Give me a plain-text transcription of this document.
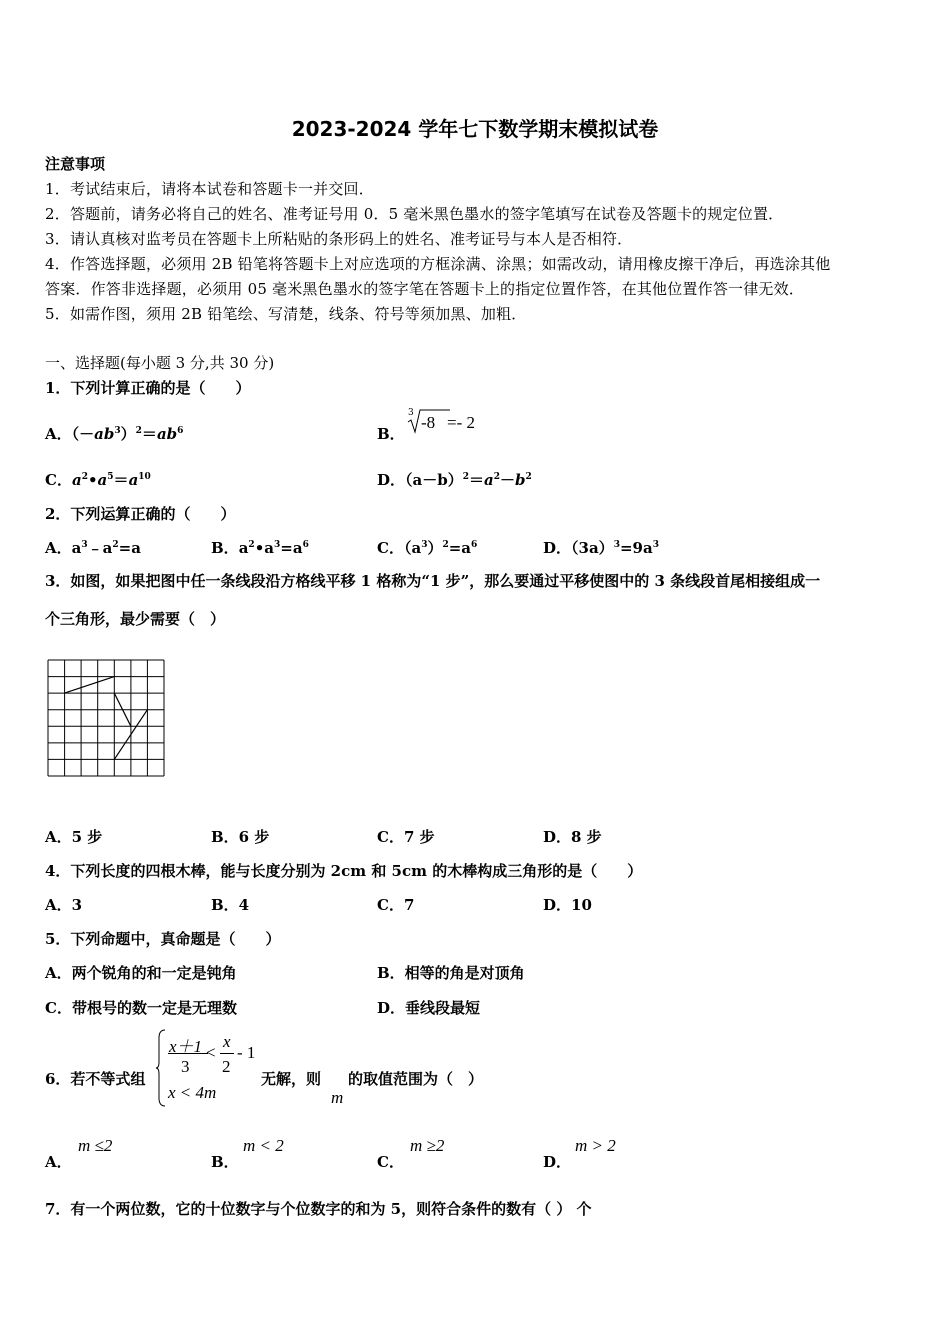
2023-2024 学年七下数学期末模拟试卷
注意事项
1．考试结束后，请将本试卷和答题卡一并交回．
2．答题前，请务必将自己的姓名、准考证号用 0．5 毫米黑色墨水的签字笔填写在试卷及答题卡的规定位置．
3．请认真核对监考员在答题卡上所粘贴的条形码上的姓名、准考证号与本人是否相符．
4．作答选择题，必须用 2B 铅笔将答题卡上对应选项的方框涂满、涂黑；如需改动，请用橡皮擦干净后，再选涂其他
答案．作答非选择题，必须用 05 毫米黑色墨水的签字笔在答题卡上的指定位置作答，在其他位置作答一律无效．
5．如需作图，须用 2B 铅笔绘、写清楚，线条、符号等须加黑、加粗．
一、选择题(每小题 3 分,共 30 分)
1．下列计算正确的是（　　）
A．$(-ab^3)^2=ab^6$	B．
3 -8 =- 2
C．$a^2•a^5=a^{10}$	D．$(a-b)^2=a^2-b^2$
2．下列运算正确的（　　）
A．$a^3﹣a^2=a$	B．$a^2•a^3=a^6$	C．$(a^3)^2=a^6$	D．$(3a)^3=9a^3$
3．如图，如果把图中任一条线段沿方格线平移 1 格称为“1 步”，那么要通过平移使图中的 3 条线段首尾相接组成一
个三角形，最少需要（　）
A．5 步	B．6 步	C．7 步	D．8 步
4．下列长度的四根木棒，能与长度分别为 2cm 和 5cm 的木棒构成三角形的是（　　）
A．3	B．4	C．7	D．10
5．下列命题中，真命题是（　　）
A．两个锐角的和一定是钝角	B．相等的角是对顶角
C．带根号的数一定是无理数	D．垂线段最短
6．若不等式组
x＋1
3
<
x
2
- 1
x < 4m
无解，则
m
的取值范围为（　）
A．
m ≤2
B．
m < 2
C．
m ≥2
D．
m > 2
7．有一个两位数，它的十位数字与个位数字的和为 5，则符合条件的数有（ ） 个
